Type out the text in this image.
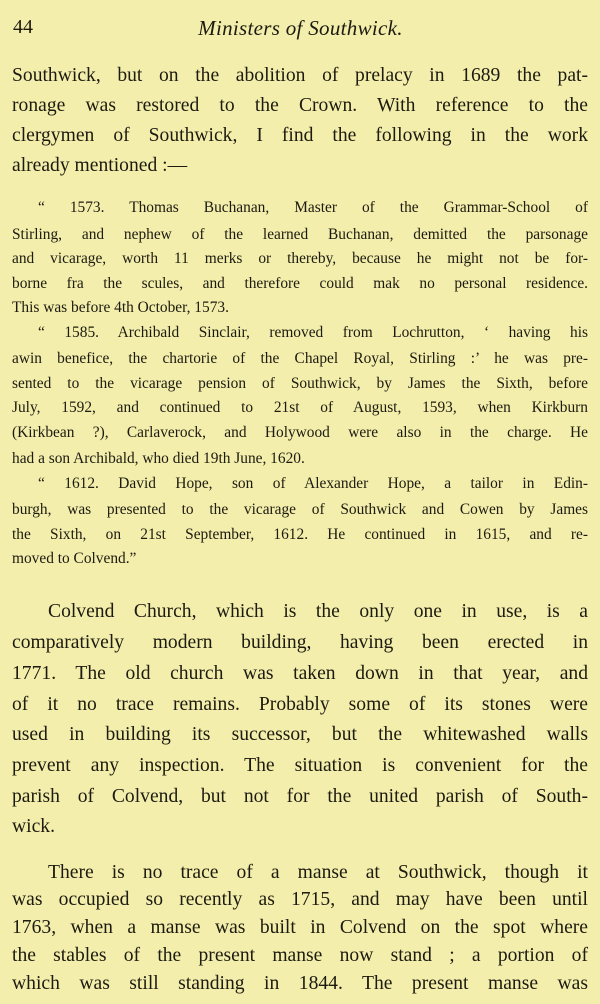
44	Ministers of Southwick.
Southwick, but on the abolition of prelacy in 1689 the pat-
ronage was restored to the Crown. With reference to the
clergymen of Southwick, I find the following in the work
already mentioned :—
“ 1573. Thomas Buchanan, Master of the Grammar-School of
Stirling, and nephew of the learned Buchanan, demitted the parsonage
and vicarage, worth 11 merks or thereby, because he might not be for-
borne fra the scules, and therefore could mak no personal residence.
This was before 4th October, 1573.
“ 1585. Archibald Sinclair, removed from Lochrutton, ‘ having his
awin benefice, the chartorie of the Chapel Royal, Stirling :’ he was pre-
sented to the vicarage pension of Southwick, by James the Sixth, before
July, 1592, and continued to 21st of August, 1593, when Kirkburn
(Kirkbean ?), Carlaverock, and Holywood were also in the charge. He
had a son Archibald, who died 19th June, 1620.
“ 1612. David Hope, son of Alexander Hope, a tailor in Edin-
burgh, was presented to the vicarage of Southwick and Cowen by James
the Sixth, on 21st September, 1612. He continued in 1615, and re-
moved to Colvend.”
Colvend Church, which is the only one in use, is a
comparatively modern building, having been erected in
1771. The old church was taken down in that year, and
of it no trace remains. Probably some of its stones were
used in building its successor, but the whitewashed walls
prevent any inspection. The situation is convenient for the
parish of Colvend, but not for the united parish of South-
wick.
There is no trace of a manse at Southwick, though it
was occupied so recently as 1715, and may have been until
1763, when a manse was built in Colvend on the spot where
the stables of the present manse now stand ; a portion of
which was still standing in 1844. The present manse was
